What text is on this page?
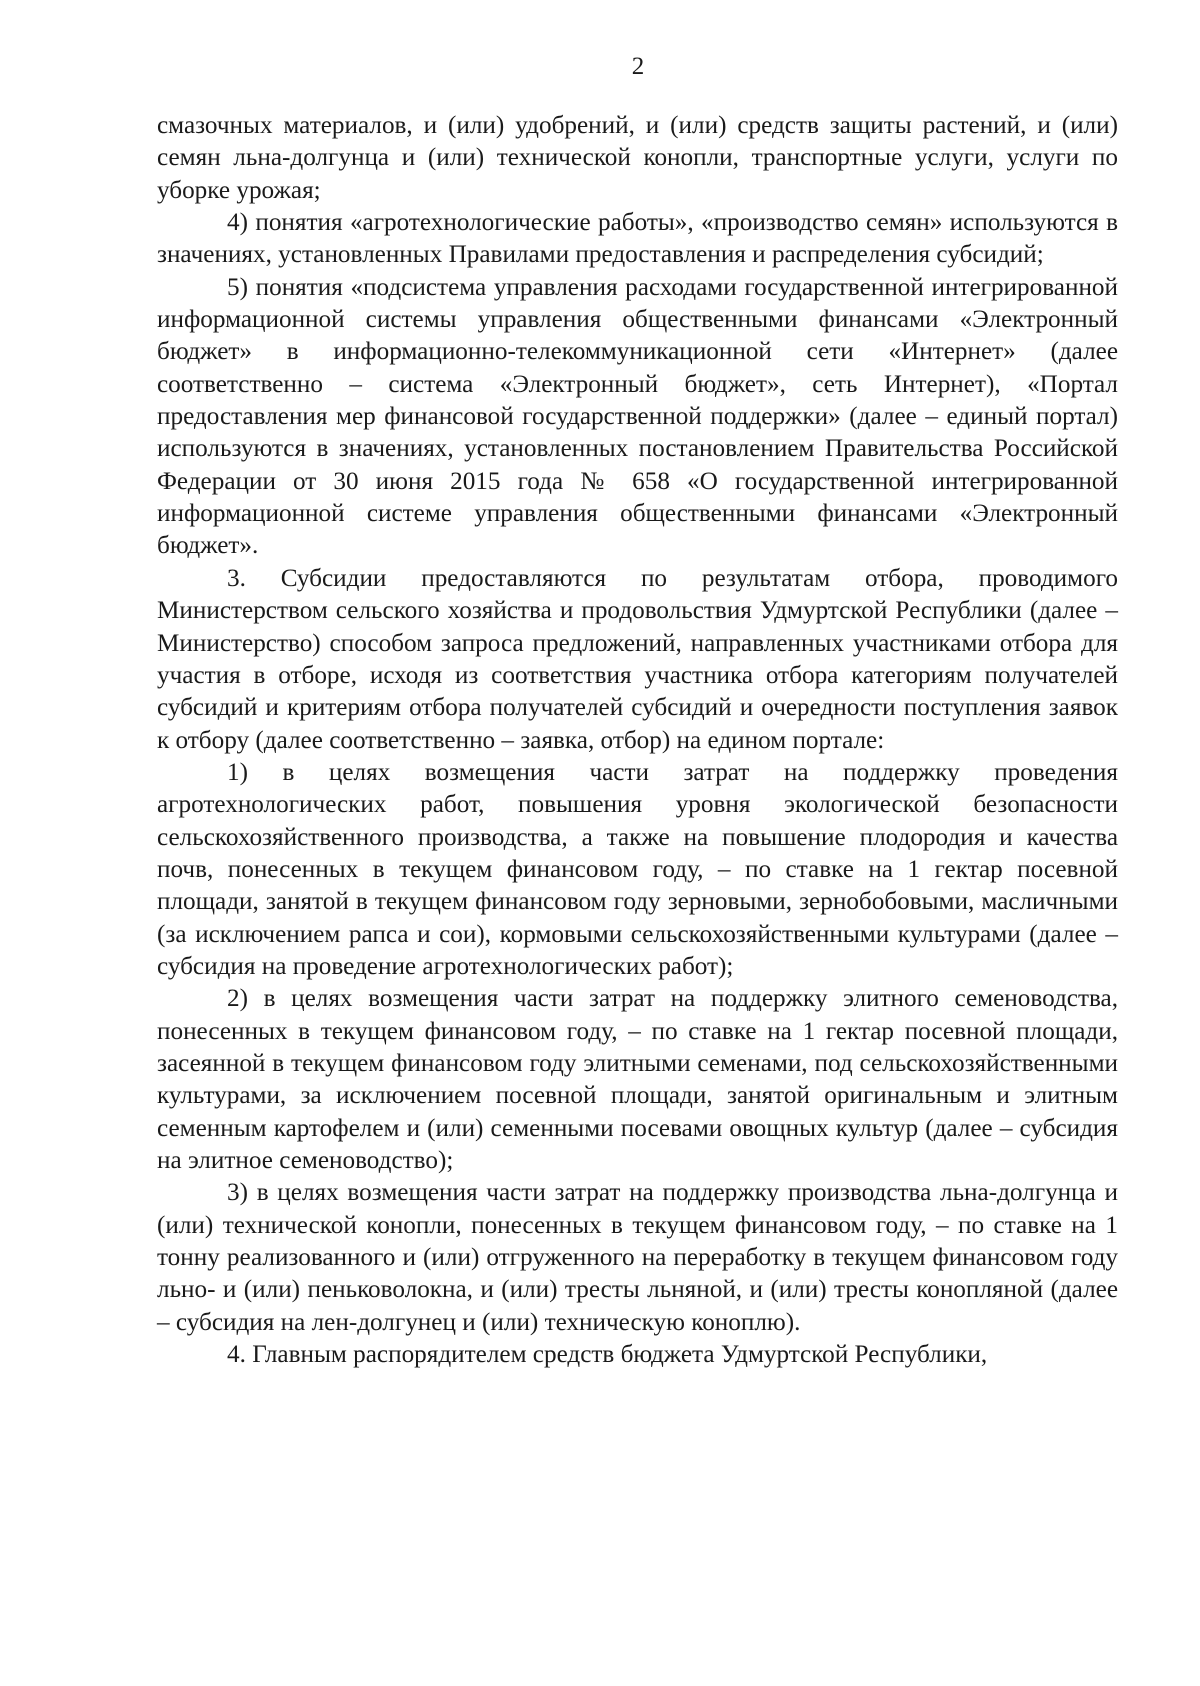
2

смазочных материалов, и (или) удобрений, и (или) средств защиты растений, и (или) семян льна-долгунца и (или) технической конопли, транспортные услуги, услуги по уборке урожая;

4) понятия «агротехнологические работы», «производство семян» используются в значениях, установленных Правилами предоставления и распределения субсидий;

5) понятия «подсистема управления расходами государственной интегрированной информационной системы управления общественными финансами «Электронный бюджет» в информационно-телекоммуникационной сети «Интернет» (далее соответственно – система «Электронный бюджет», сеть Интернет), «Портал предоставления мер финансовой государственной поддержки» (далее – единый портал) используются в значениях, установленных постановлением Правительства Российской Федерации от 30 июня 2015 года № 658 «О государственной интегрированной информационной системе управления общественными финансами «Электронный бюджет».

3. Субсидии предоставляются по результатам отбора, проводимого Министерством сельского хозяйства и продовольствия Удмуртской Республики (далее – Министерство) способом запроса предложений, направленных участниками отбора для участия в отборе, исходя из соответствия участника отбора категориям получателей субсидий и критериям отбора получателей субсидий и очередности поступления заявок к отбору (далее соответственно – заявка, отбор) на едином портале:

1) в целях возмещения части затрат на поддержку проведения агротехнологических работ, повышения уровня экологической безопасности сельскохозяйственного производства, а также на повышение плодородия и качества почв, понесенных в текущем финансовом году, – по ставке на 1 гектар посевной площади, занятой в текущем финансовом году зерновыми, зернобобовыми, масличными (за исключением рапса и сои), кормовыми сельскохозяйственными культурами (далее – субсидия на проведение агротехнологических работ);

2) в целях возмещения части затрат на поддержку элитного семеноводства, понесенных в текущем финансовом году, – по ставке на 1 гектар посевной площади, засеянной в текущем финансовом году элитными семенами, под сельскохозяйственными культурами, за исключением посевной площади, занятой оригинальным и элитным семенным картофелем и (или) семенными посевами овощных культур (далее – субсидия на элитное семеноводство);

3) в целях возмещения части затрат на поддержку производства льна-долгунца и (или) технической конопли, понесенных в текущем финансовом году, – по ставке на 1 тонну реализованного и (или) отгруженного на переработку в текущем финансовом году льно- и (или) пеньковолокна, и (или) тресты льняной, и (или) тресты конопляной (далее – субсидия на лен-долгунец и (или) техническую коноплю).

4. Главным распорядителем средств бюджета Удмуртской Республики,
